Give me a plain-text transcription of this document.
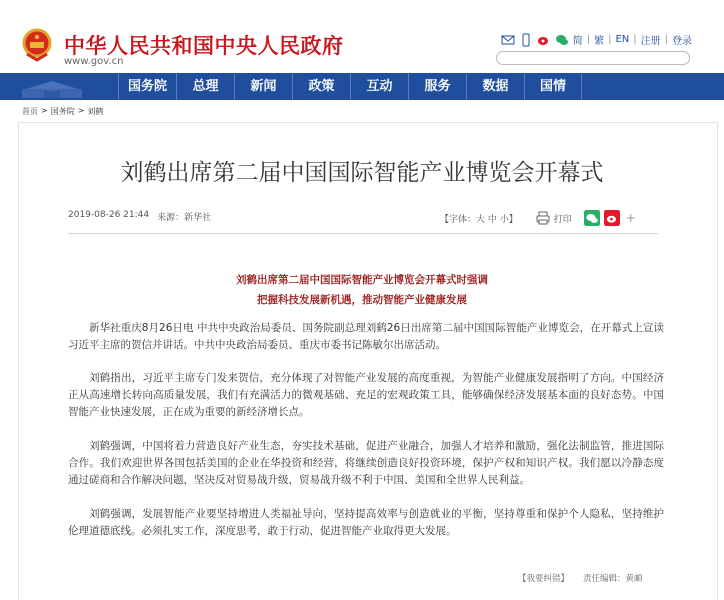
中华人民共和国中央人民政府
www.gov.cn
简 | 繁 | EN | 注册 | 登录
国务院	总理	新闻	政策	互动	服务	数据	国情
首页 > 国务院 > 刘鹤
刘鹤出席第二届中国国际智能产业博览会开幕式
2019-08-26 21:44 来源：新华社	【字体：大 中 小】	打印	+
刘鹤出席第二届中国国际智能产业博览会开幕式时强调
把握科技发展新机遇，推动智能产业健康发展
新华社重庆8月26日电 中共中央政治局委员、国务院副总理刘鹤26日出席第二届中国国际智能产业博览会，在开幕式上宣读习近平主席的贺信并讲话。中共中央政治局委员、重庆市委书记陈敏尔出席活动。
刘鹤指出，习近平主席专门发来贺信，充分体现了对智能产业发展的高度重视，为智能产业健康发展指明了方向。中国经济正从高速增长转向高质量发展，我们有充满活力的微观基础、充足的宏观政策工具，能够确保经济发展基本面的良好态势。中国智能产业快速发展，正在成为重要的新经济增长点。
刘鹤强调，中国将着力营造良好产业生态，夯实技术基础，促进产业融合，加强人才培养和激励，强化法制监管，推进国际合作。我们欢迎世界各国包括美国的企业在华投资和经营，将继续创造良好投资环境，保护产权和知识产权。我们愿以冷静态度通过磋商和合作解决问题，坚决反对贸易战升级，贸易战升级不利于中国、美国和全世界人民利益。
刘鹤强调，发展智能产业要坚持增进人类福祉导向，坚持提高效率与创造就业的平衡，坚持尊重和保护个人隐私，坚持维护伦理道德底线。必须扎实工作，深度思考，敢于行动，促进智能产业取得更大发展。
【我要纠错】 责任编辑：黄頔
